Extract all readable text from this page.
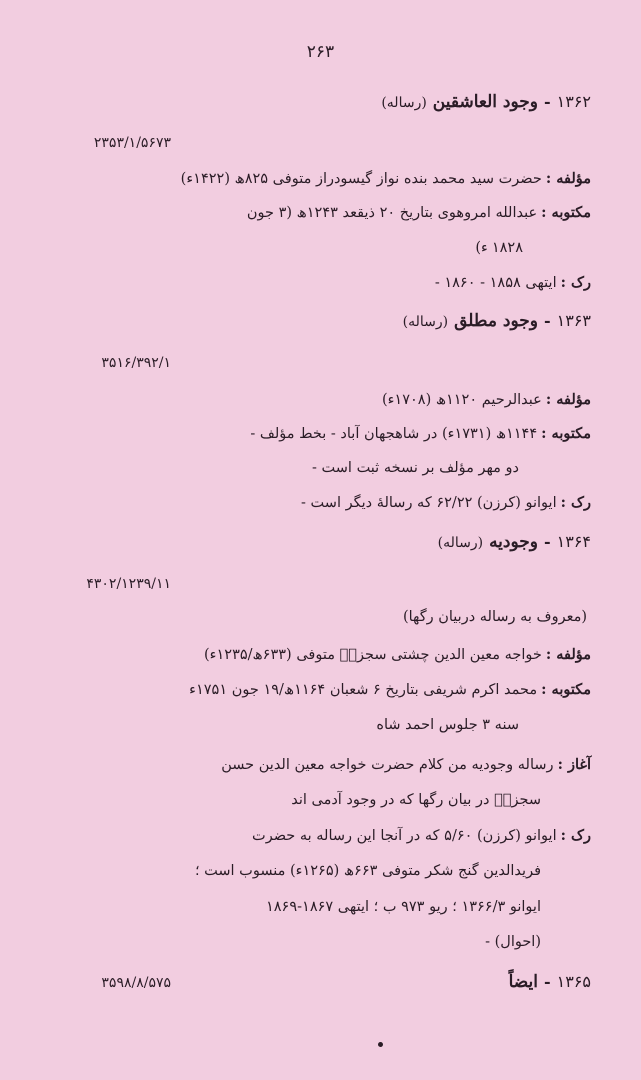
۲۶۳
۱۳۶۲-وجود العاشقین(رساله)
۲۳۵۳/۱/۵۶۷۳
مؤلفه :حضرت سید محمد بنده نواز گیسودراز متوفی ۸۲۵ھ (۱۴۲۲ء)
مکتوبه :عبدالله امروهوی بتاریخ ۲۰ ذیقعد ۱۲۴۳ھ (۳ جون
۱۸۲۸ء)
رک :ایتهی ۱۸۵۸ - ۱۸۶۰ -
۱۳۶۳-وجود مطلق(رساله)
۳۵۱۶/۳۹۲/۱
مؤلفه :عبدالرحیم ۱۱۲۰ھ (۱۷۰۸ء)
مکتوبه :۱۱۴۴ھ (۱۷۳۱ء) در شاهجهان آباد - بخط مؤلف -
دو مهر مؤلف بر نسخه ثبت است -
رک :ایوانو (کرزن) ۶۲/۲۲ که رسالهٔ دیگر است -
۱۳۶۴-وجودیه(رساله)
۴۳۰۲/۱۲۳۹/۱۱
(معروف به رساله دربیان رگها)
مؤلفه :خواجه معین الدین چشتی سجزیؒ متوفی (۶۳۳ھ/۱۲۳۵ء)
مکتوبه :محمد اکرم شریفی بتاریخ ۶ شعبان ۱۱۶۴ھ/۱۹ جون ۱۷۵۱ء
سنه ۳ جلوس احمد شاه
آغاز :رساله وجودیه من کلام حضرت خواجه معین الدین حسن
سجزیؒ در بیان رگها که در وجود آدمی اند
رک :ایوانو (کرزن) ۵/۶۰ که در آنجا این رساله به حضرت
فریدالدین گنج شکر متوفی ۶۶۳ھ (۱۲۶۵ء) منسوب است ؛
ایوانو ۱۳۶۶/۳ ؛ ریو ۹۷۳ ب ؛ ایتهی ۱۸۶۷-۱۸۶۹
(احوال) -
۱۳۶۵-ایضاً
۳۵۹۸/۸/۵۷۵
